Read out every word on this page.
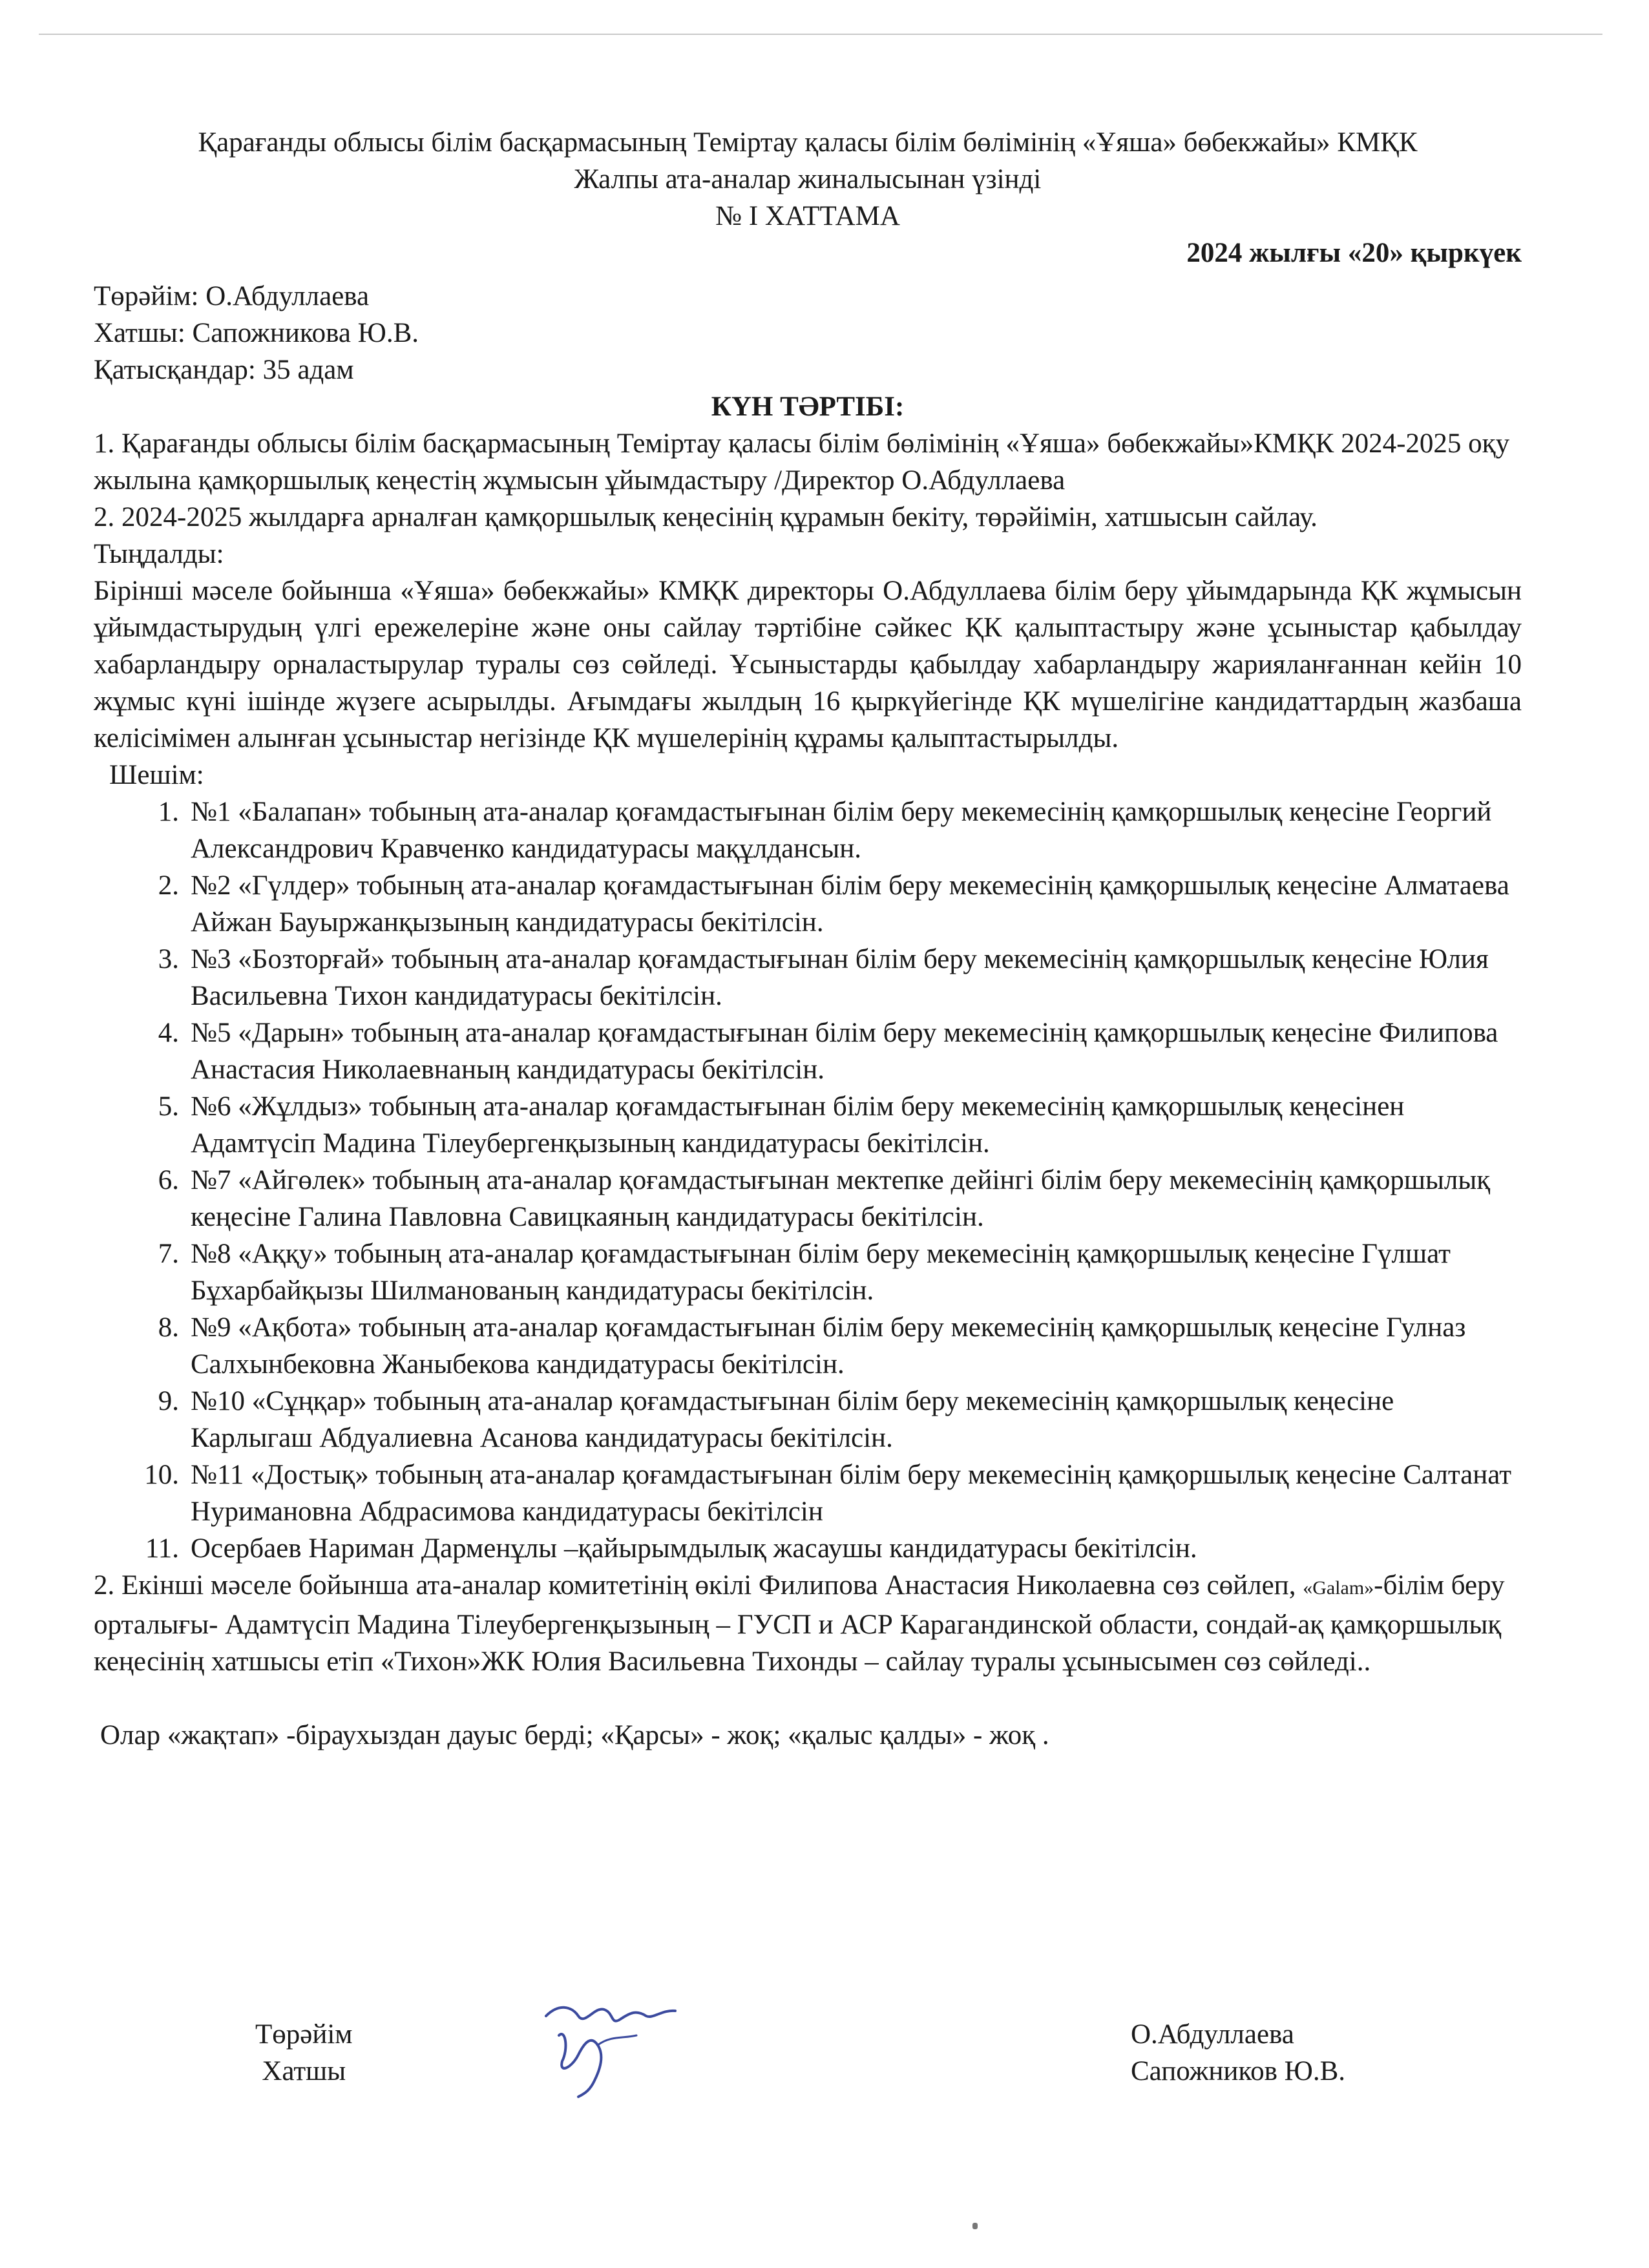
Қарағанды облысы білім басқармасының Теміртау қаласы білім бөлімінің «Ұяша» бөбекжайы» КМҚК

Жалпы ата-аналар жиналысынан үзінді

№ І ХАТТАМА

2024 жылғы «20» қыркүек

Төрәйім: О.Абдуллаева

Хатшы: Сапожникова Ю.В.

Қатысқандар: 35 адам

КҮН ТӘРТІБІ:

1. Қарағанды облысы білім басқармасының Теміртау қаласы білім бөлімінің «Ұяша» бөбекжайы»КМҚК 2024-2025 оқу жылына қамқоршылық кеңестің жұмысын ұйымдастыру /Директор О.Абдуллаева

2. 2024-2025 жылдарға арналған қамқоршылық кеңесінің құрамын бекіту, төрәйімін, хатшысын сайлау.

Тыңдалды:

Бірінші мәселе бойынша «Ұяша» бөбекжайы» КМҚК директоры О.Абдуллаева білім беру ұйымдарында ҚК жұмысын ұйымдастырудың үлгі ережелеріне және оны сайлау тәртібіне сәйкес ҚК қалыптастыру және ұсыныстар қабылдау хабарландыру орналастырулар туралы сөз сөйледі. Ұсыныстарды қабылдау хабарландыру жарияланғаннан кейін 10 жұмыс күні ішінде жүзеге асырылды. Ағымдағы жылдың 16 қыркүйегінде ҚК мүшелігіне кандидаттардың жазбаша келісімімен алынған ұсыныстар негізінде ҚК мүшелерінің құрамы қалыптастырылды.

Шешім:

1. №1 «Балапан» тобының ата-аналар қоғамдастығынан білім беру мекемесінің қамқоршылық кеңесіне Георгий Александрович Кравченко кандидатурасы мақұлдансын.
2. №2 «Гүлдер» тобының ата-аналар қоғамдастығынан білім беру мекемесінің қамқоршылық кеңесіне Алматаева Айжан Бауыржанқызының кандидатурасы бекітілсін.
3. №3 «Бозторғай» тобының ата-аналар қоғамдастығынан білім беру мекемесінің қамқоршылық кеңесіне Юлия Васильевна Тихон кандидатурасы бекітілсін.
4. №5 «Дарын» тобының ата-аналар қоғамдастығынан білім беру мекемесінің қамқоршылық кеңесіне Филипова Анастасия Николаевнаның кандидатурасы бекітілсін.
5. №6 «Жұлдыз» тобының ата-аналар қоғамдастығынан білім беру мекемесінің қамқоршылық кеңесінен Адамтүсіп Мадина Тілеубергенқызының кандидатурасы бекітілсін.
6. №7 «Айгөлек» тобының ата-аналар қоғамдастығынан мектепке дейінгі білім беру мекемесінің қамқоршылық кеңесіне Галина Павловна Савицкаяның кандидатурасы бекітілсін.
7. №8 «Аққу» тобының ата-аналар қоғамдастығынан білім беру мекемесінің қамқоршылық кеңесіне Гүлшат Бұхарбайқызы Шилманованың кандидатурасы бекітілсін.
8. №9 «Ақбота» тобының ата-аналар қоғамдастығынан білім беру мекемесінің қамқоршылық кеңесіне Гулназ Салхынбековна Жаныбекова кандидатурасы бекітілсін.
9. №10 «Сұңқар» тобының ата-аналар қоғамдастығынан білім беру мекемесінің қамқоршылық кеңесіне Карлыгаш Абдуалиевна Асанова кандидатурасы бекітілсін.
10. №11 «Достық» тобының ата-аналар қоғамдастығынан білім беру мекемесінің қамқоршылық кеңесіне Салтанат Нуримановна Абдрасимова кандидатурасы бекітілсін
11. Осербаев Нариман Дарменұлы –қайырымдылық жасаушы кандидатурасы бекітілсін.

2. Екінші мәселе бойынша ата-аналар комитетінің өкілі Филипова Анастасия Николаевна сөз сөйлеп, «Galam»-білім беру орталығы- Адамтүсіп Мадина Тілеубергенқызының – ГУСП и АСР Карагандинской области, сондай-ақ қамқоршылық кеңесінің хатшысы етіп «Тихон»ЖК Юлия Васильевна Тихонды – сайлау туралы ұсынысымен сөз сөйледі..

Олар «жақтап» -біраухыздан дауыс берді; «Қарсы» - жоқ; «қалыс қалды» - жоқ .

Төрәйім

Хатшы

О.Абдуллаева

Сапожников Ю.В.
